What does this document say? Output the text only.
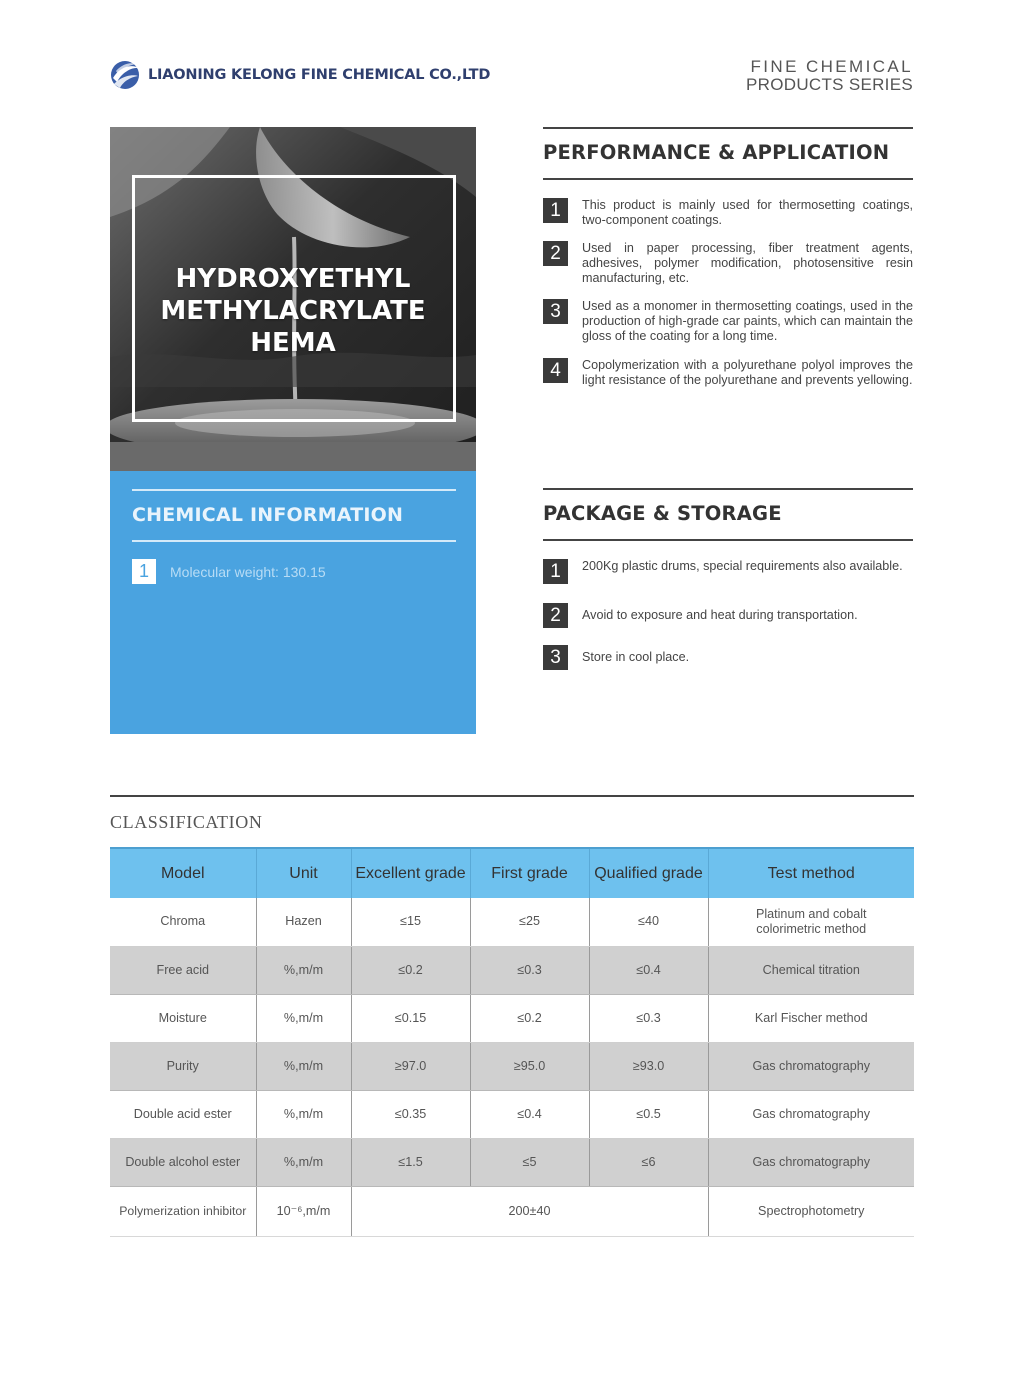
LIAONING KELONG FINE CHEMICAL CO.,LTD	FINE CHEMICAL
PRODUCTS SERIES
HYDROXYETHYL
METHYLACRYLATE
HEMA
CHEMICAL INFORMATION
1	Molecular weight: 130.15
PERFORMANCE & APPLICATION
1	This product is mainly used for thermosetting coatings, two-component coatings.
2	Used in paper processing, fiber treatment agents, adhesives, polymer modification, photosensitive resin manufacturing, etc.
3	Used as a monomer in thermosetting coatings, used in the production of high-grade car paints, which can maintain the gloss of the coating for a long time.
4	Copolymerization with a polyurethane polyol improves the light resistance of the polyurethane and prevents yellowing.
PACKAGE & STORAGE
1	200Kg plastic drums, special requirements also available.
2	Avoid to exposure and heat during transportation.
3	Store in cool place.
CLASSIFICATION
Model	Unit	Excellent grade	First grade	Qualified grade	Test method
Chroma	Hazen	≤15	≤25	≤40	Platinum and cobalt colorimetric method
Free acid	%,m/m	≤0.2	≤0.3	≤0.4	Chemical titration
Moisture	%,m/m	≤0.15	≤0.2	≤0.3	Karl Fischer method
Purity	%,m/m	≥97.0	≥95.0	≥93.0	Gas chromatography
Double acid ester	%,m/m	≤0.35	≤0.4	≤0.5	Gas chromatography
Double alcohol ester	%,m/m	≤1.5	≤5	≤6	Gas chromatography
Polymerization inhibitor	10⁻⁶,m/m	200±40			Spectrophotometry
